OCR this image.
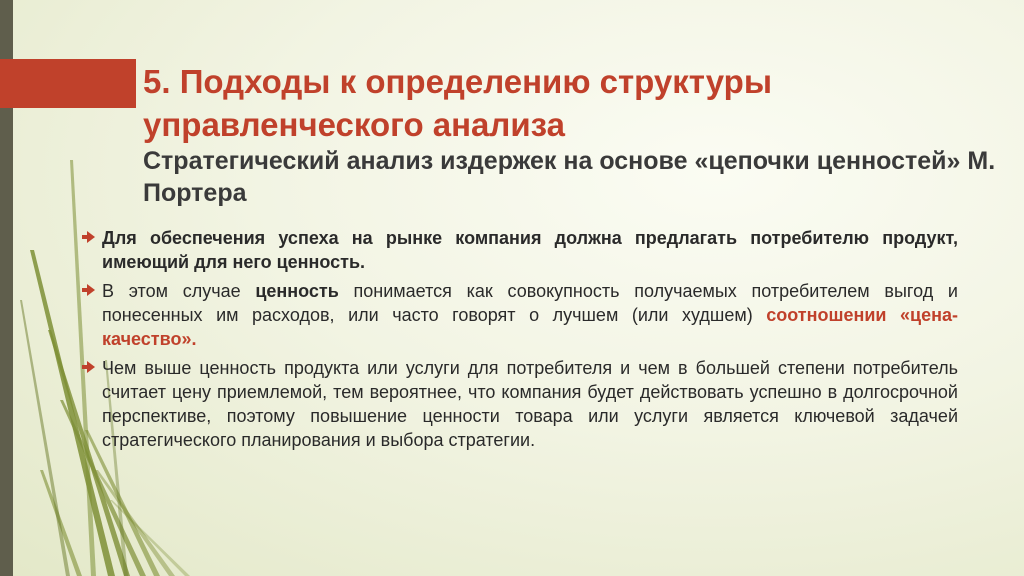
5. Подходы к определению структуры управленческого анализа
Стратегический анализ издержек на основе «цепочки ценностей» М. Портера
Для обеспечения успеха на рынке компания должна предлагать потребителю продукт, имеющий для него ценность.
В этом случае ценность понимается как совокупность получаемых потребителем выгод и понесенных им расходов, или часто говорят о лучшем (или худшем) соотношении «цена- качество».
Чем выше ценность продукта или услуги для потребителя и чем в большей степени потребитель считает цену приемлемой, тем вероятнее, что компания будет действовать успешно в долгосрочной перспективе, поэтому повышение ценности товара или услуги является ключевой задачей стратегического планирования и выбора стратегии.
